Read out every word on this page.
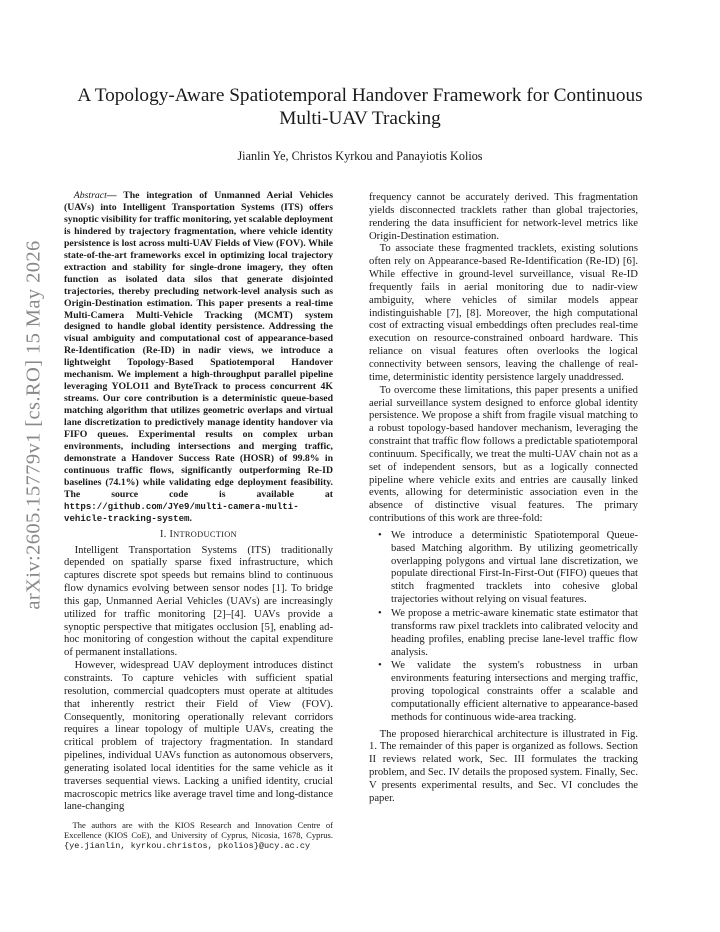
arXiv:2605.15779v1 [cs.RO] 15 May 2026
A Topology-Aware Spatiotemporal Handover Framework for Continuous Multi-UAV Tracking
Jianlin Ye, Christos Kyrkou and Panayiotis Kolios

Abstract— The integration of Unmanned Aerial Vehicles (UAVs) into Intelligent Transportation Systems (ITS) offers synoptic visibility for traffic monitoring, yet scalable deployment is hindered by trajectory fragmentation, where vehicle identity persistence is lost across multi-UAV Fields of View (FOV). While state-of-the-art frameworks excel in optimizing local trajectory extraction and stability for single-drone imagery, they often function as isolated data silos that generate disjointed trajectories, thereby precluding network-level analysis such as Origin-Destination estimation. This paper presents a real-time Multi-Camera Multi-Vehicle Tracking (MCMT) system designed to handle global identity persistence. Addressing the visual ambiguity and computational cost of appearance-based Re-Identification (Re-ID) in nadir views, we introduce a lightweight Topology-Based Spatiotemporal Handover mechanism. We implement a high-throughput parallel pipeline leveraging YOLO11 and ByteTrack to process concurrent 4K streams. Our core contribution is a deterministic queue-based matching algorithm that utilizes geometric overlaps and virtual lane discretization to predictively manage identity handover via FIFO queues. Experimental results on complex urban environments, including intersections and merging traffic, demonstrate a Handover Success Rate (HOSR) of 99.8% in continuous traffic flows, significantly outperforming Re-ID baselines (74.1%) while validating edge deployment feasibility. The source code is available at https://github.com/JYe9/multi-camera-multi-vehicle-tracking-system.

I. INTRODUCTION

Intelligent Transportation Systems (ITS) traditionally depended on spatially sparse fixed infrastructure, which captures discrete spot speeds but remains blind to continuous flow dynamics evolving between sensor nodes [1]. To bridge this gap, Unmanned Aerial Vehicles (UAVs) are increasingly utilized for traffic monitoring [2]–[4]. UAVs provide a synoptic perspective that mitigates occlusion [5], enabling ad-hoc monitoring of congestion without the capital expenditure of permanent installations.

However, widespread UAV deployment introduces distinct constraints. To capture vehicles with sufficient spatial resolution, commercial quadcopters must operate at altitudes that inherently restrict their Field of View (FOV). Consequently, monitoring operationally relevant corridors requires a linear topology of multiple UAVs, creating the critical problem of trajectory fragmentation. In standard pipelines, individual UAVs function as autonomous observers, generating isolated local identities for the same vehicle as it traverses sequential views. Lacking a unified identity, crucial macroscopic metrics like average travel time and long-distance lane-changing

The authors are with the KIOS Research and Innovation Centre of Excellence (KIOS CoE), and University of Cyprus, Nicosia, 1678, Cyprus. {ye.jianlin, kyrkou.christos, pkolios}@ucy.ac.cy

frequency cannot be accurately derived. This fragmentation yields disconnected tracklets rather than global trajectories, rendering the data insufficient for network-level metrics like Origin-Destination estimation.

To associate these fragmented tracklets, existing solutions often rely on Appearance-based Re-Identification (Re-ID) [6]. While effective in ground-level surveillance, visual Re-ID frequently fails in aerial monitoring due to nadir-view ambiguity, where vehicles of similar models appear indistinguishable [7], [8]. Moreover, the high computational cost of extracting visual embeddings often precludes real-time execution on resource-constrained onboard hardware. This reliance on visual features often overlooks the logical connectivity between sensors, leaving the challenge of real-time, deterministic identity persistence largely unaddressed.

To overcome these limitations, this paper presents a unified aerial surveillance system designed to enforce global identity persistence. We propose a shift from fragile visual matching to a robust topology-based handover mechanism, leveraging the constraint that traffic flow follows a predictable spatiotemporal continuum. Specifically, we treat the multi-UAV chain not as a set of independent sensors, but as a logically connected pipeline where vehicle exits and entries are causally linked events, allowing for deterministic association even in the absence of distinctive visual features. The primary contributions of this work are three-fold:

• We introduce a deterministic Spatiotemporal Queue-based Matching algorithm. By utilizing geometrically overlapping polygons and virtual lane discretization, we populate directional First-In-First-Out (FIFO) queues that stitch fragmented tracklets into cohesive global trajectories without relying on visual features.
• We propose a metric-aware kinematic state estimator that transforms raw pixel tracklets into calibrated velocity and heading profiles, enabling precise lane-level traffic flow analysis.
• We validate the system's robustness in urban environments featuring intersections and merging traffic, proving topological constraints offer a scalable and computationally efficient alternative to appearance-based methods for continuous wide-area tracking.

The proposed hierarchical architecture is illustrated in Fig. 1. The remainder of this paper is organized as follows. Section II reviews related work, Sec. III formulates the tracking problem, and Sec. IV details the proposed system. Finally, Sec. V presents experimental results, and Sec. VI concludes the paper.
